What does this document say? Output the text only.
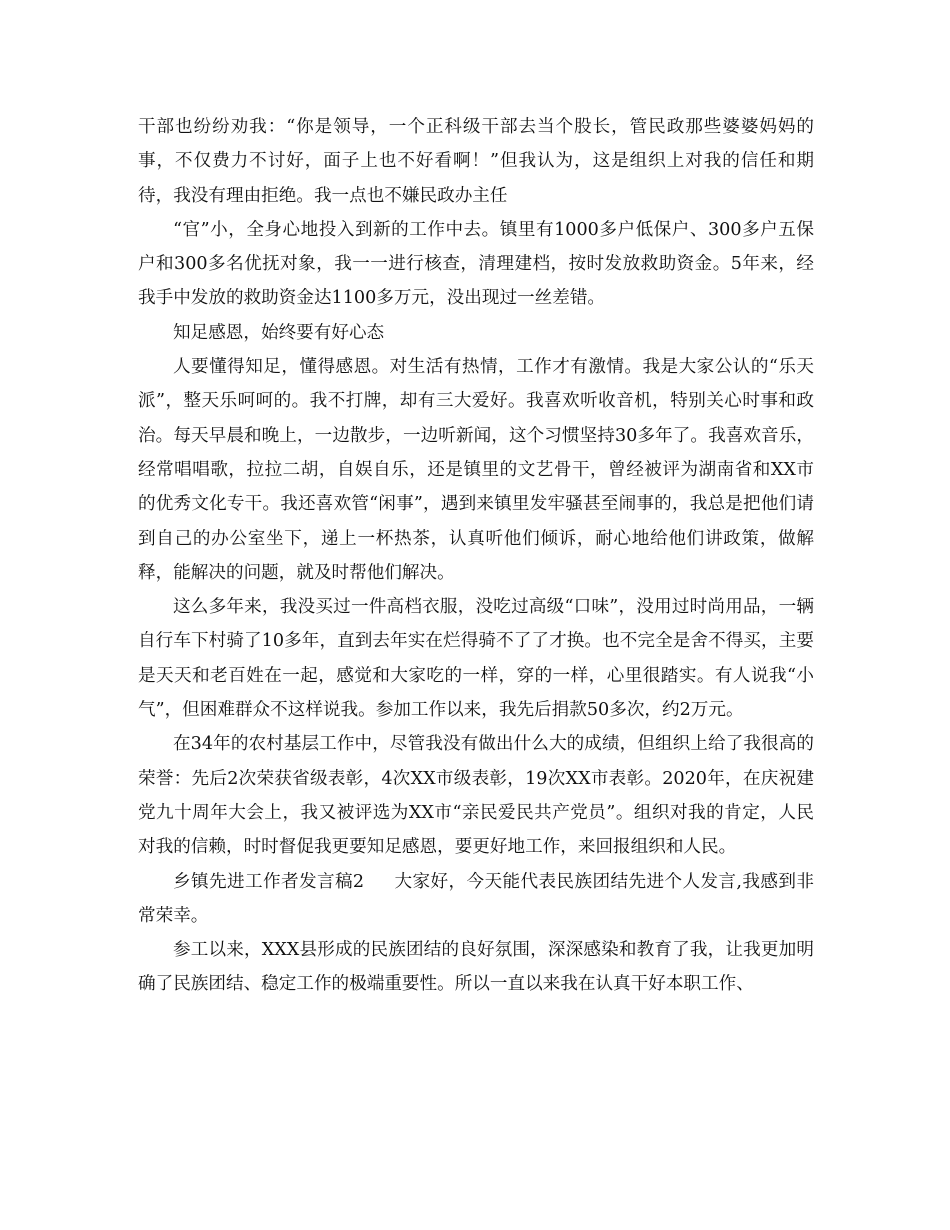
干部也纷纷劝我：“你是领导，一个正科级干部去当个股长，管民政那些婆婆妈妈的事，不仅费力不讨好，面子上也不好看啊！”但我认为，这是组织上对我的信任和期待，我没有理由拒绝。我一点也不嫌民政办主任

“官”小，全身心地投入到新的工作中去。镇里有1000多户低保户、300多户五保户和300多名优抚对象，我一一进行核查，清理建档，按时发放救助资金。5年来，经我手中发放的救助资金达1100多万元，没出现过一丝差错。

知足感恩，始终要有好心态

人要懂得知足，懂得感恩。对生活有热情，工作才有激情。我是大家公认的“乐天派”，整天乐呵呵的。我不打牌，却有三大爱好。我喜欢听收音机，特别关心时事和政治。每天早晨和晚上，一边散步，一边听新闻，这个习惯坚持30多年了。我喜欢音乐，经常唱唱歌，拉拉二胡，自娱自乐，还是镇里的文艺骨干，曾经被评为湖南省和XX市的优秀文化专干。我还喜欢管“闲事”，遇到来镇里发牢骚甚至闹事的，我总是把他们请到自己的办公室坐下，递上一杯热茶，认真听他们倾诉，耐心地给他们讲政策，做解释，能解决的问题，就及时帮他们解决。

这么多年来，我没买过一件高档衣服，没吃过高级“口味”，没用过时尚用品，一辆自行车下村骑了10多年，直到去年实在烂得骑不了了才换。也不完全是舍不得买，主要是天天和老百姓在一起，感觉和大家吃的一样，穿的一样，心里很踏实。有人说我“小气”，但困难群众不这样说我。参加工作以来，我先后捐款50多次，约2万元。

在34年的农村基层工作中，尽管我没有做出什么大的成绩，但组织上给了我很高的荣誉：先后2次荣获省级表彰，4次XX市级表彰，19次XX市表彰。2020年，在庆祝建党九十周年大会上，我又被评选为XX市“亲民爱民共产党员”。组织对我的肯定，人民对我的信赖，时时督促我更要知足感恩，要更好地工作，来回报组织和人民。

乡镇先进工作者发言稿2 大家好，今天能代表民族团结先进个人发言,我感到非常荣幸。

参工以来，XXX县形成的民族团结的良好氛围，深深感染和教育了我，让我更加明确了民族团结、稳定工作的极端重要性。所以一直以来我在认真干好本职工作、
